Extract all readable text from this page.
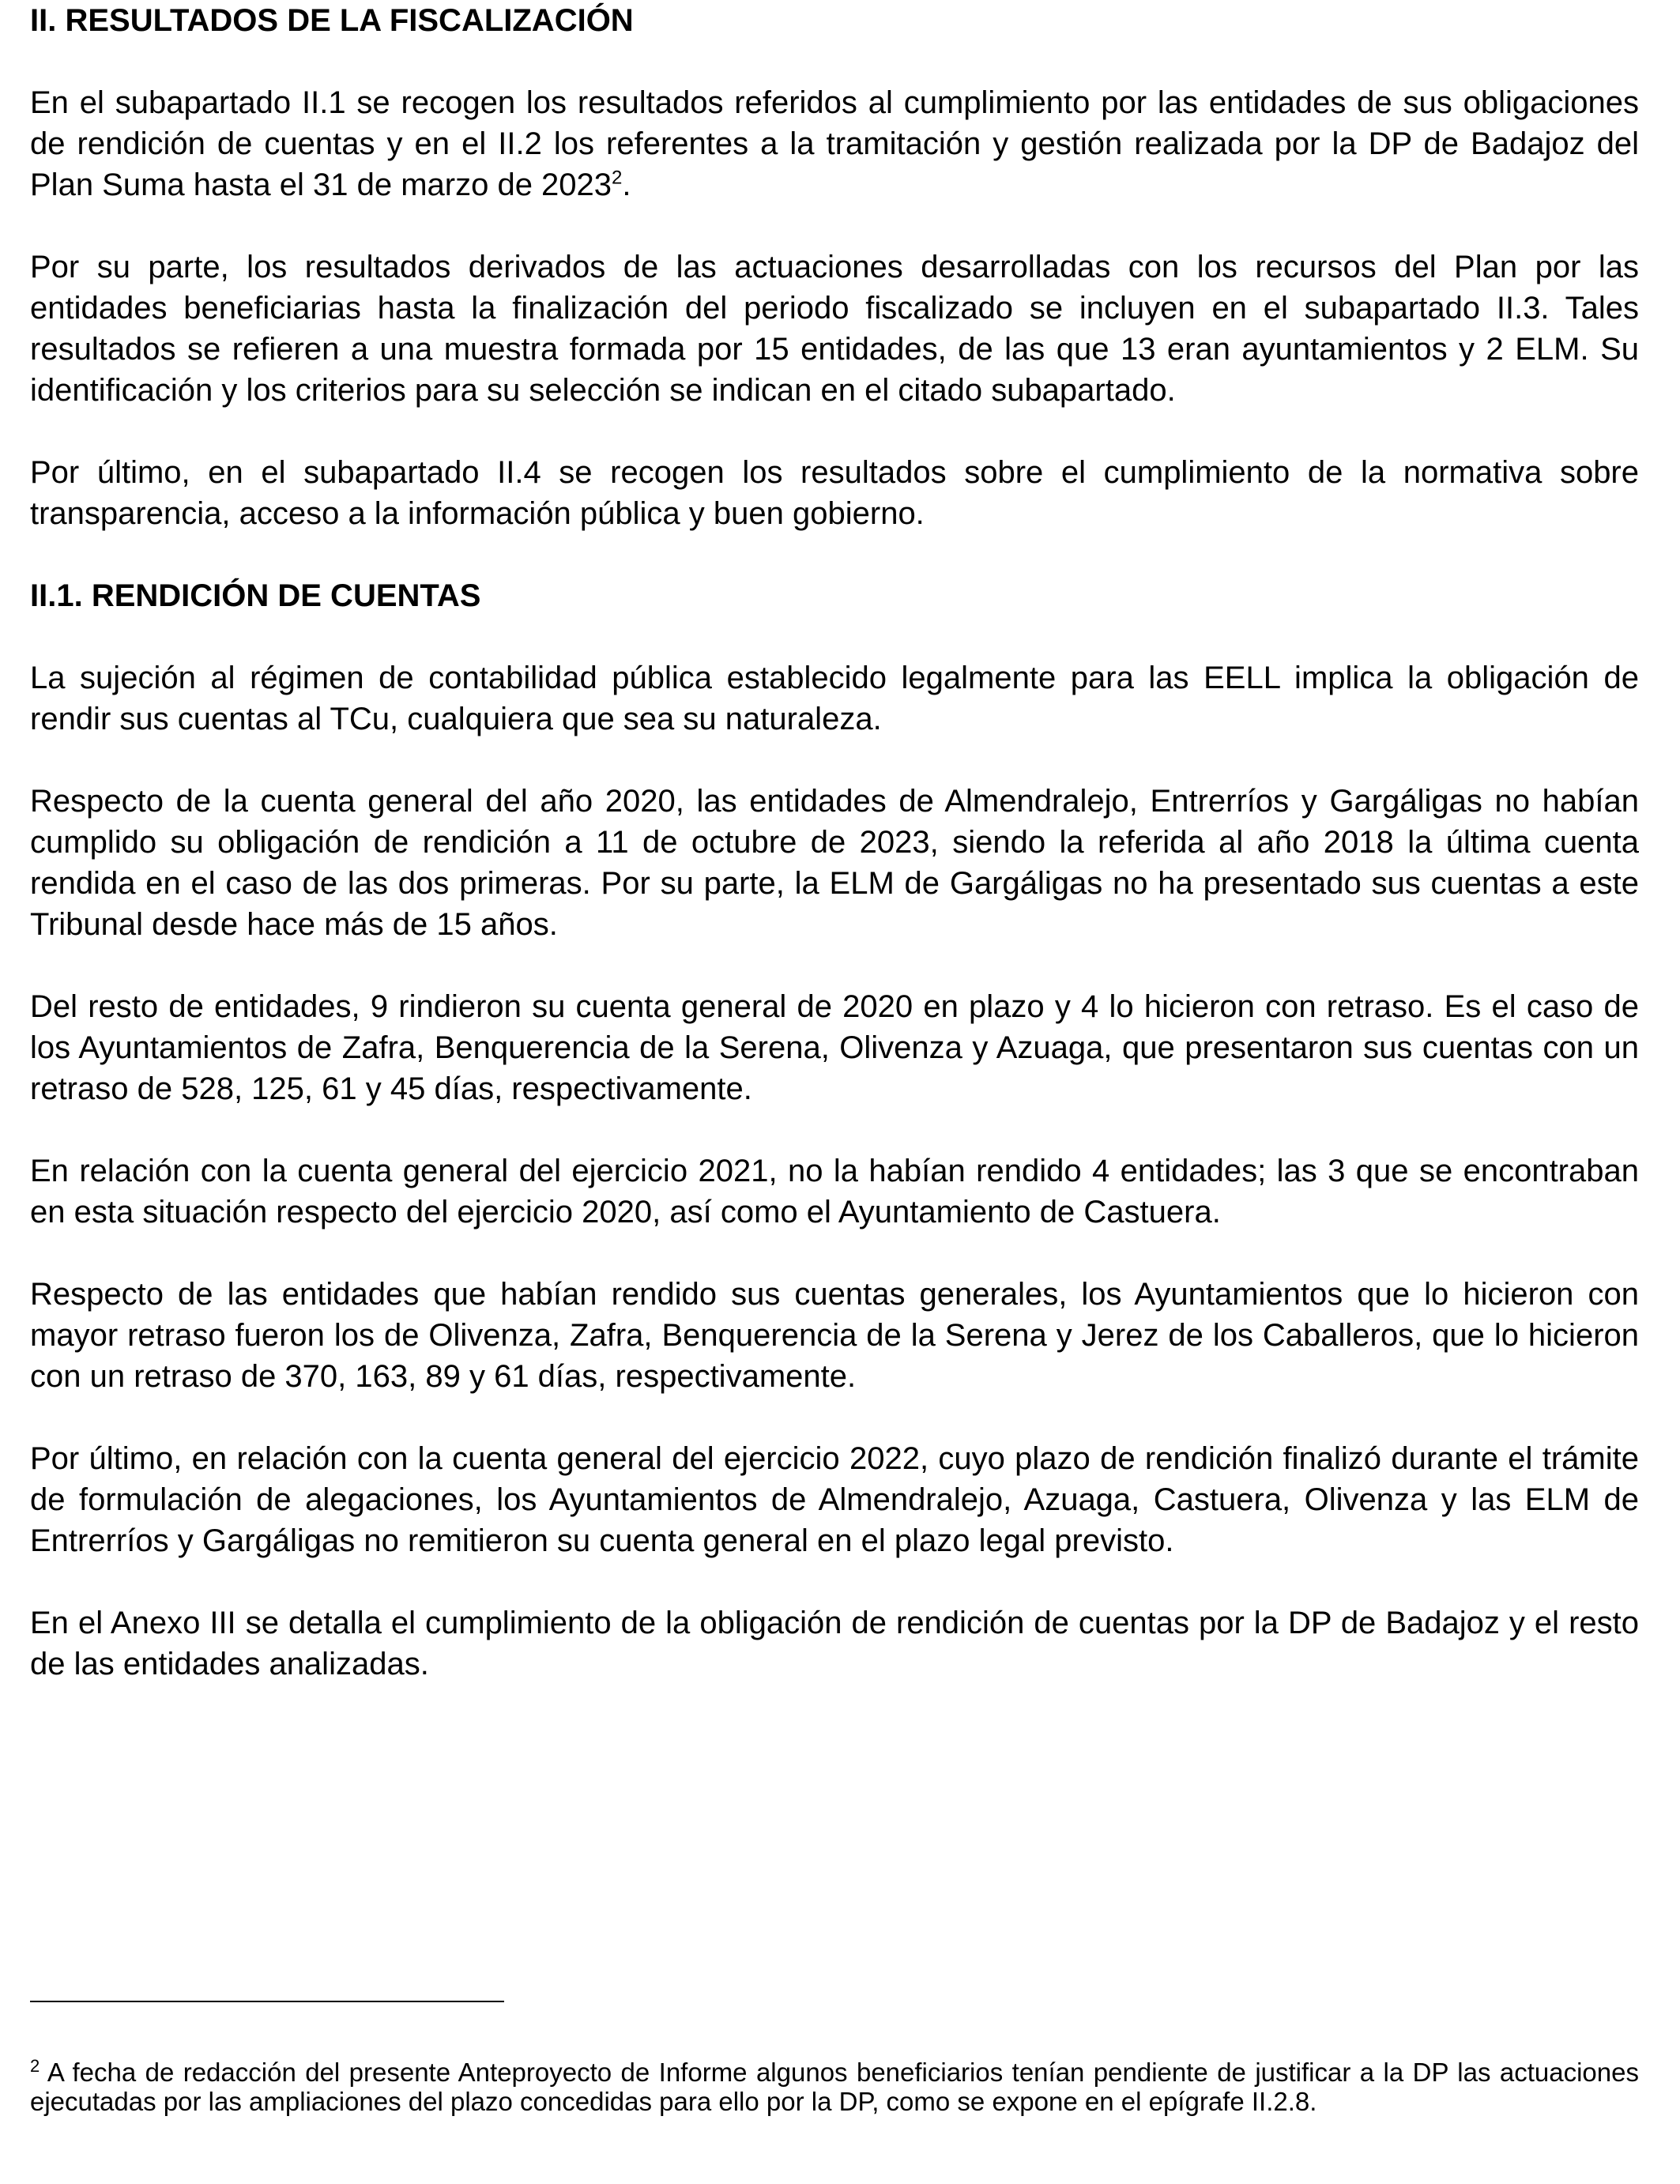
II. RESULTADOS DE LA FISCALIZACIÓN

En el subapartado II.1 se recogen los resultados referidos al cumplimiento por las entidades de sus obligaciones de rendición de cuentas y en el II.2 los referentes a la tramitación y gestión realizada por la DP de Badajoz del Plan Suma hasta el 31 de marzo de 2023$^2$.

Por su parte, los resultados derivados de las actuaciones desarrolladas con los recursos del Plan por las entidades beneficiarias hasta la finalización del periodo fiscalizado se incluyen en el subapartado II.3. Tales resultados se refieren a una muestra formada por 15 entidades, de las que 13 eran ayuntamientos y 2 ELM. Su identificación y los criterios para su selección se indican en el citado subapartado.

Por último, en el subapartado II.4 se recogen los resultados sobre el cumplimiento de la normativa sobre transparencia, acceso a la información pública y buen gobierno.

II.1. RENDICIÓN DE CUENTAS

La sujeción al régimen de contabilidad pública establecido legalmente para las EELL implica la obligación de rendir sus cuentas al TCu, cualquiera que sea su naturaleza.

Respecto de la cuenta general del año 2020, las entidades de Almendralejo, Entrerríos y Gargáligas no habían cumplido su obligación de rendición a 11 de octubre de 2023, siendo la referida al año 2018 la última cuenta rendida en el caso de las dos primeras. Por su parte, la ELM de Gargáligas no ha presentado sus cuentas a este Tribunal desde hace más de 15 años.

Del resto de entidades, 9 rindieron su cuenta general de 2020 en plazo y 4 lo hicieron con retraso. Es el caso de los Ayuntamientos de Zafra, Benquerencia de la Serena, Olivenza y Azuaga, que presentaron sus cuentas con un retraso de 528, 125, 61 y 45 días, respectivamente.

En relación con la cuenta general del ejercicio 2021, no la habían rendido 4 entidades; las 3 que se encontraban en esta situación respecto del ejercicio 2020, así como el Ayuntamiento de Castuera.

Respecto de las entidades que habían rendido sus cuentas generales, los Ayuntamientos que lo hicieron con mayor retraso fueron los de Olivenza, Zafra, Benquerencia de la Serena y Jerez de los Caballeros, que lo hicieron con un retraso de 370, 163, 89 y 61 días, respectivamente.

Por último, en relación con la cuenta general del ejercicio 2022, cuyo plazo de rendición finalizó durante el trámite de formulación de alegaciones, los Ayuntamientos de Almendralejo, Azuaga, Castuera, Olivenza y las ELM de Entrerríos y Gargáligas no remitieron su cuenta general en el plazo legal previsto.

En el Anexo III se detalla el cumplimiento de la obligación de rendición de cuentas por la DP de Badajoz y el resto de las entidades analizadas.

$^2$ A fecha de redacción del presente Anteproyecto de Informe algunos beneficiarios tenían pendiente de justificar a la DP las actuaciones ejecutadas por las ampliaciones del plazo concedidas para ello por la DP, como se expone en el epígrafe II.2.8.
